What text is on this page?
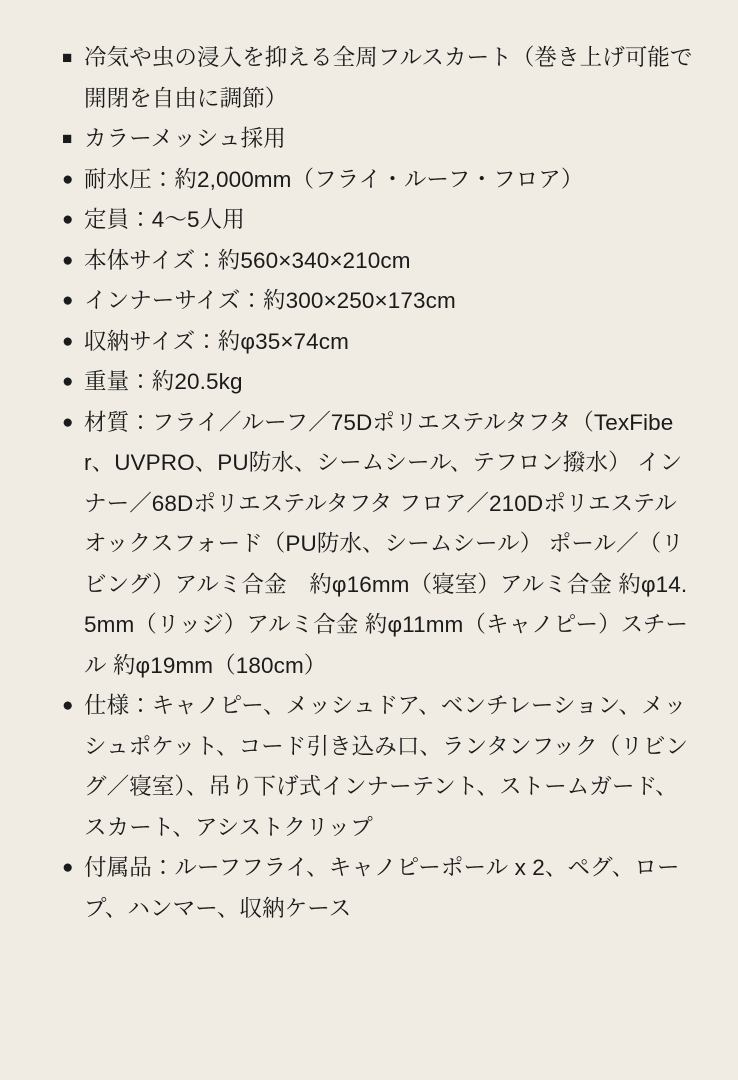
■ 冷気や虫の浸入を抑える全周フルスカート（巻き上げ可能で開閉を自由に調節）
■ カラーメッシュ採用
● 耐水圧：約2,000mm（フライ・ルーフ・フロア）
● 定員：4〜5人用
● 本体サイズ：約560×340×210cm
● インナーサイズ：約300×250×173cm
● 収納サイズ：約φ35×74cm
● 重量：約20.5kg
● 材質：フライ／ルーフ／75Dポリエステルタフタ（TexFiber、UVPRO、PU防水、シームシール、テフロン撥水） インナー／68Dポリエステルタフタ フロア／210Dポリエステルオックスフォード（PU防水、シームシール） ポール／（リビング）アルミ合金　約φ16mm（寝室）アルミ合金 約φ14.5mm（リッジ）アルミ合金 約φ11mm（キャノピー）スチール 約φ19mm（180cm）
● 仕様：キャノピー、メッシュドア、ベンチレーション、メッシュポケット、コード引き込み口、ランタンフック（リビング／寝室）、吊り下げ式インナーテント、ストームガード、スカート、アシストクリップ
● 付属品：ルーフフライ、キャノピーポール x 2、ペグ、ロープ、ハンマー、収納ケース
